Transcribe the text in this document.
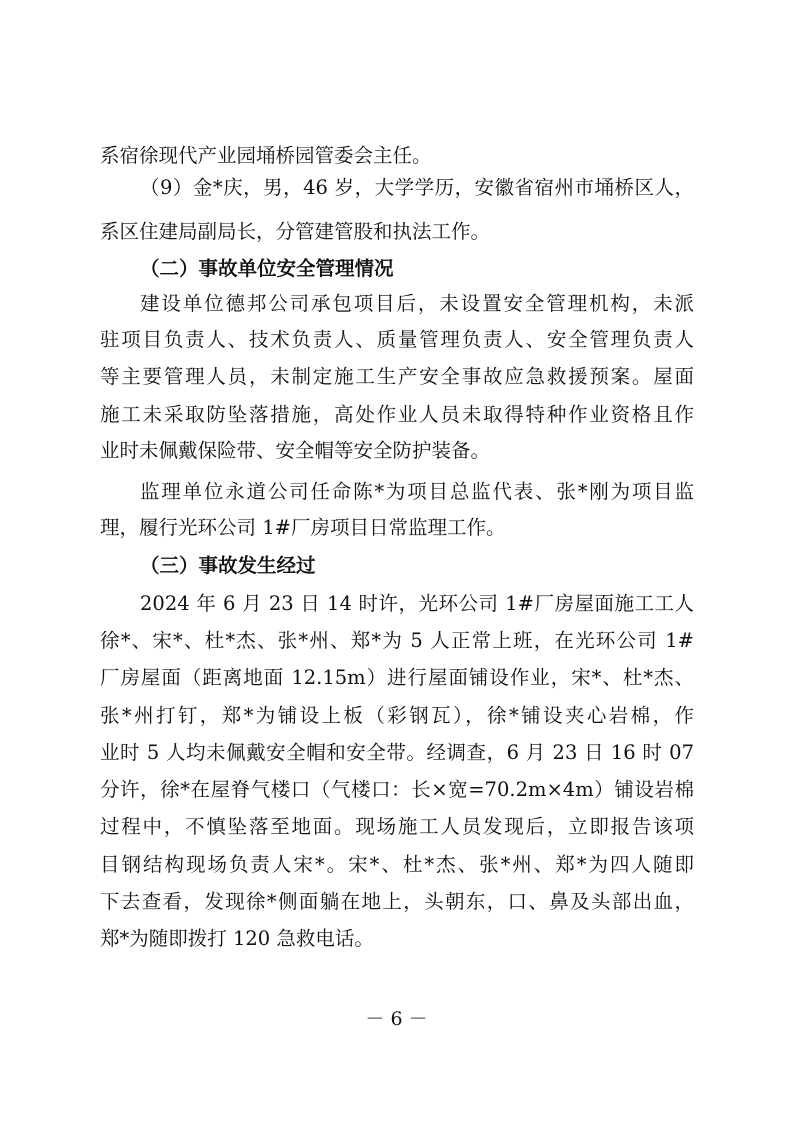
系宿徐现代产业园埇桥园管委会主任。
（9）金*庆，男，46 岁，大学学历，安徽省宿州市埇桥区人，
系区住建局副局长，分管建管股和执法工作。
（二）事故单位安全管理情况
建设单位德邦公司承包项目后，未设置安全管理机构，未派
驻项目负责人、技术负责人、质量管理负责人、安全管理负责人
等主要管理人员，未制定施工生产安全事故应急救援预案。屋面
施工未采取防坠落措施，高处作业人员未取得特种作业资格且作
业时未佩戴保险带、安全帽等安全防护装备。
监理单位永道公司任命陈*为项目总监代表、张*刚为项目监
理，履行光环公司 1#厂房项目日常监理工作。
（三）事故发生经过
2024 年 6 月 23 日 14 时许，光环公司 1#厂房屋面施工工人
徐*、宋*、杜*杰、张*州、郑*为 5 人正常上班，在光环公司 1#
厂房屋面（距离地面 12.15m）进行屋面铺设作业，宋*、杜*杰、
张*州打钉，郑*为铺设上板（彩钢瓦），徐*铺设夹心岩棉，作
业时 5 人均未佩戴安全帽和安全带。经调查，6 月 23 日 16 时 07
分许，徐*在屋脊气楼口（气楼口：长×宽=70.2m×4m）铺设岩棉
过程中，不慎坠落至地面。现场施工人员发现后，立即报告该项
目钢结构现场负责人宋*。宋*、杜*杰、张*州、郑*为四人随即
下去查看，发现徐*侧面躺在地上，头朝东，口、鼻及头部出血，
郑*为随即拨打 120 急救电话。
－ 6 －
